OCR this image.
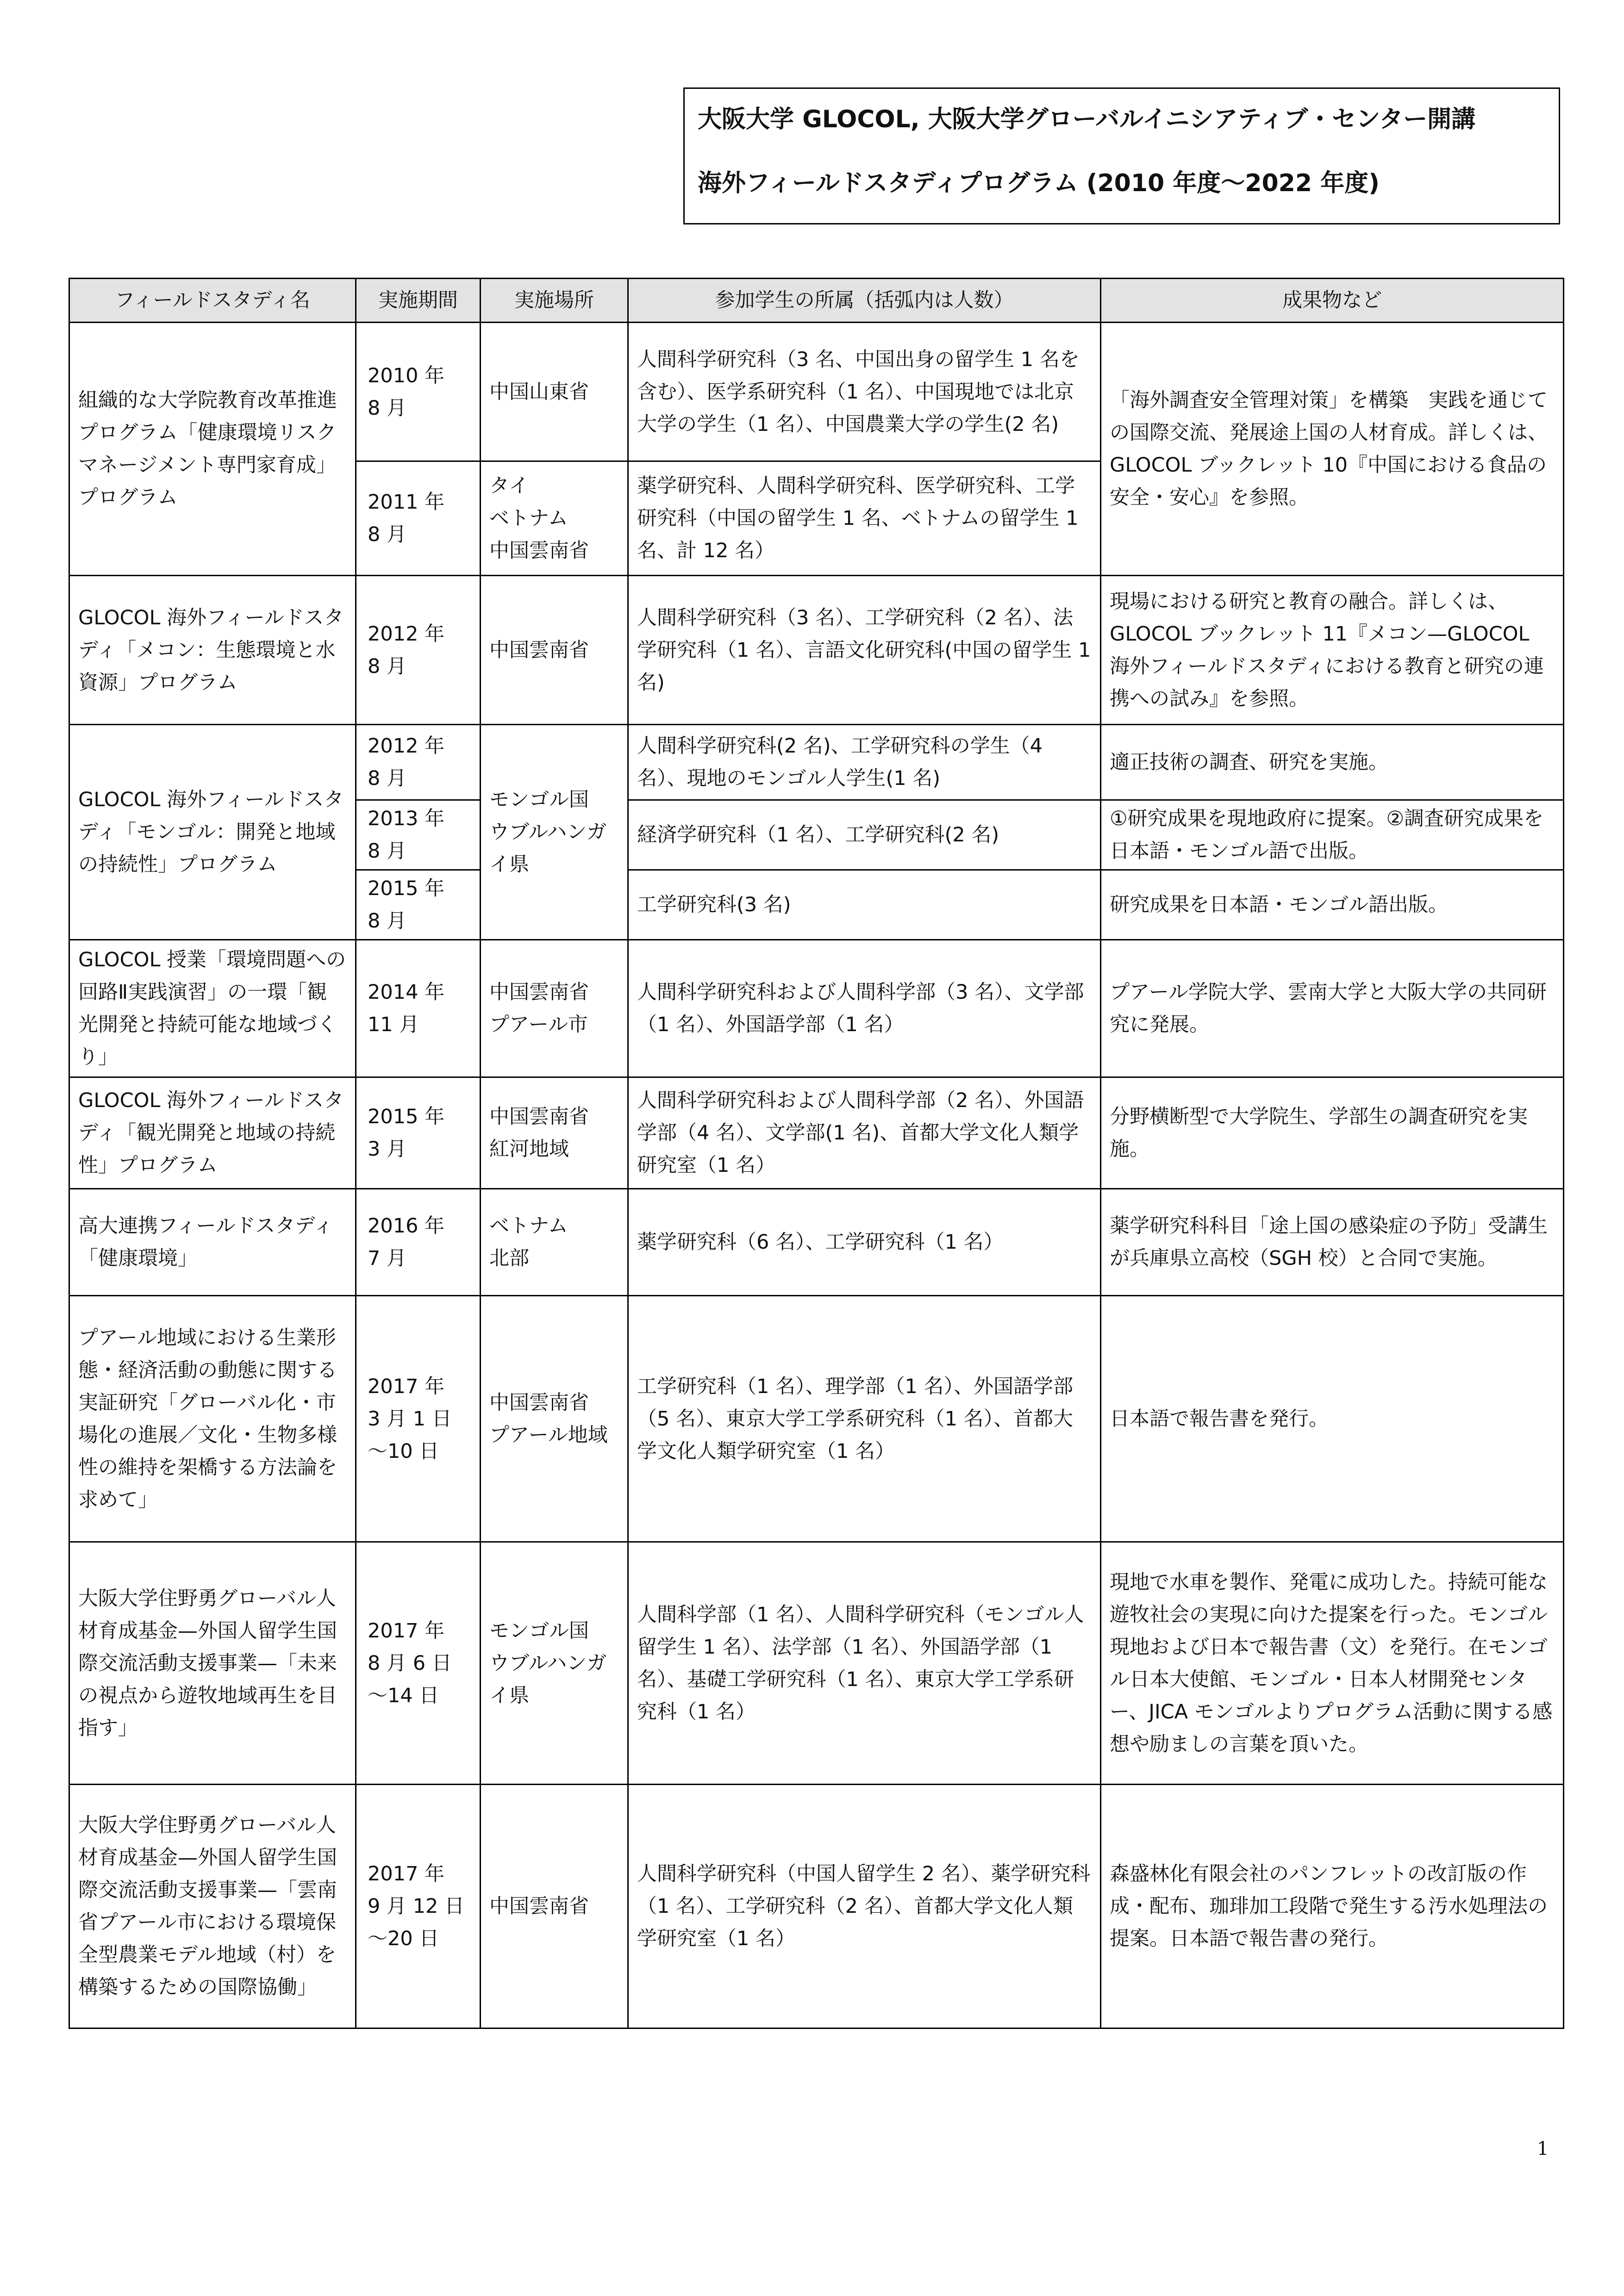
大阪大学 GLOCOL, 大阪大学グローバルイニシアティブ・センター開講

海外フィールドスタディプログラム (2010 年度〜2022 年度)

フィールドスタディ名	実施期間	実施場所	参加学生の所属（括弧内は人数）	成果物など
組織的な大学院教育改革推進プログラム「健康環境リスクマネージメント専門家育成」プログラム	2010 年
8 月	中国山東省	人間科学研究科（3 名、中国出身の留学生 1 名を含む）、医学系研究科（1 名）、中国現地では北京大学の学生（1 名）、中国農業大学の学生(2 名)	「海外調査安全管理対策」を構築　実践を通じての国際交流、発展途上国の人材育成。詳しくは、GLOCOL ブックレット 10『中国における食品の安全・安心』を参照。
	2011 年
8 月	タイ
ベトナム
中国雲南省	薬学研究科、人間科学研究科、医学研究科、工学研究科（中国の留学生 1 名、ベトナムの留学生 1 名、計 12 名）	
GLOCOL 海外フィールドスタディ「メコン：生態環境と水資源」プログラム	2012 年
8 月	中国雲南省	人間科学研究科（3 名）、工学研究科（2 名）、法学研究科（1 名）、言語文化研究科(中国の留学生 1 名)	現場における研究と教育の融合。詳しくは、GLOCOL ブックレット 11『メコン—GLOCOL 海外フィールドスタディにおける教育と研究の連携への試み』を参照。
GLOCOL 海外フィールドスタディ「モンゴル：開発と地域の持続性」プログラム	2012 年
8 月	モンゴル国
ウブルハンガイ県	人間科学研究科(2 名)、工学研究科の学生（4 名）、現地のモンゴル人学生(1 名)	適正技術の調査、研究を実施。
	2013 年
8 月		経済学研究科（1 名）、工学研究科(2 名)	①研究成果を現地政府に提案。②調査研究成果を日本語・モンゴル語で出版。
	2015 年
8 月		工学研究科(3 名)	研究成果を日本語・モンゴル語出版。
GLOCOL 授業「環境問題への回路Ⅱ実践演習」の一環「観光開発と持続可能な地域づくり」	2014 年
11 月	中国雲南省
プアール市	人間科学研究科および人間科学部（3 名）、文学部（1 名）、外国語学部（1 名）	プアール学院大学、雲南大学と大阪大学の共同研究に発展。
GLOCOL 海外フィールドスタディ「観光開発と地域の持続性」プログラム	2015 年
3 月	中国雲南省
紅河地域	人間科学研究科および人間科学部（2 名）、外国語学部（4 名）、文学部(1 名)、首都大学文化人類学研究室（1 名）	分野横断型で大学院生、学部生の調査研究を実施。
高大連携フィールドスタディ「健康環境」	2016 年
7 月	ベトナム
北部	薬学研究科（6 名）、工学研究科（1 名）	薬学研究科科目「途上国の感染症の予防」受講生が兵庫県立高校（SGH 校）と合同で実施。
プアール地域における生業形態・経済活動の動態に関する実証研究「グローバル化・市場化の進展／文化・生物多様性の維持を架橋する方法論を求めて」	2017 年
3 月 1 日
〜10 日	中国雲南省
プアール地域	工学研究科（1 名）、理学部（1 名）、外国語学部（5 名）、東京大学工学系研究科（1 名）、首都大学文化人類学研究室（1 名）	日本語で報告書を発行。
大阪大学住野勇グローバル人材育成基金—外国人留学生国際交流活動支援事業—「未来の視点から遊牧地域再生を目指す」	2017 年
8 月 6 日
〜14 日	モンゴル国
ウブルハンガイ県	人間科学部（1 名）、人間科学研究科（モンゴル人留学生 1 名）、法学部（1 名）、外国語学部（1 名）、基礎工学研究科（1 名）、東京大学工学系研究科（1 名）	現地で水車を製作、発電に成功した。持続可能な遊牧社会の実現に向けた提案を行った。モンゴル現地および日本で報告書（文）を発行。在モンゴル日本大使館、モンゴル・日本人材開発センター、JICA モンゴルよりプログラム活動に関する感想や励ましの言葉を頂いた。
大阪大学住野勇グローバル人材育成基金—外国人留学生国際交流活動支援事業—「雲南省プアール市における環境保全型農業モデル地域（村）を構築するための国際協働」	2017 年
9 月 12 日
〜20 日	中国雲南省	人間科学研究科（中国人留学生 2 名）、薬学研究科（1 名）、工学研究科（2 名）、首都大学文化人類学研究室（1 名）	森盛林化有限会社のパンフレットの改訂版の作成・配布、珈琲加工段階で発生する汚水処理法の提案。日本語で報告書の発行。
1
